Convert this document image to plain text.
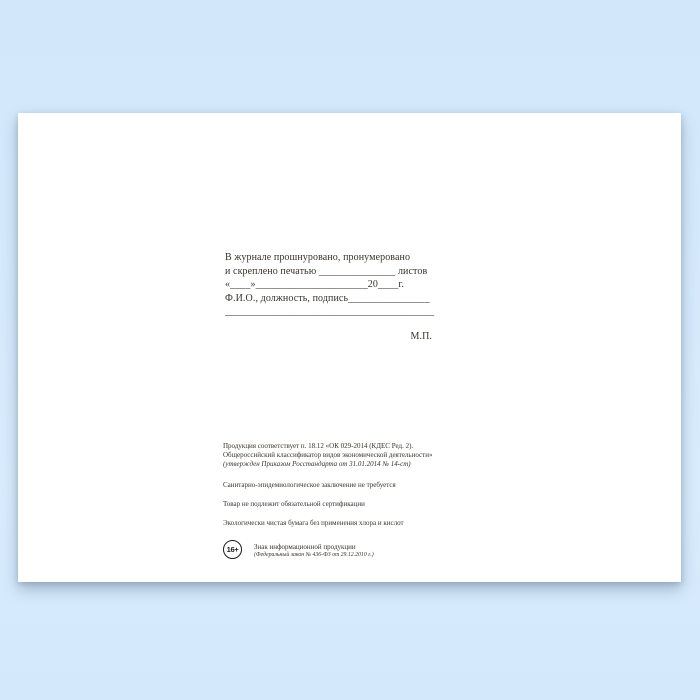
В журнале прошнуровано, пронумеровано
и скреплено печатью _______________ листов
«____»______________________20____г.
Ф.И.О., должность, подпись________________
_________________________________________
М.П.

Продукция соответствует п. 18.12 «ОК 029-2014 (КДЕС Ред. 2).
Общероссийский классификатор видов экономической деятельности»
(утвержден Приказом Росстандарта от 31.01.2014 № 14-ст)

Санитарно-эпидемиологическое заключение не требуется
Товар не подлежит обязательной сертификации
Экологически чистая бумага без применения хлора и кислот
16+ Знак информационной продукции
(Федеральный закон № 436-ФЗ от 29.12.2010 г.)
